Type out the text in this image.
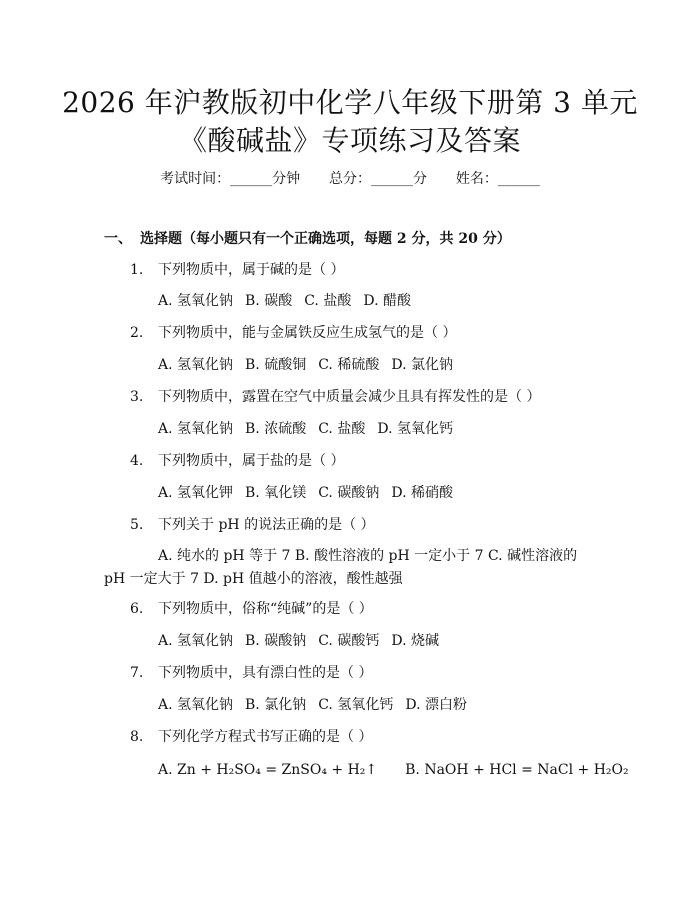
2026 年沪教版初中化学八年级下册第 3 单元
《酸碱盐》专项练习及答案
考试时间：______分钟 总分：______分 姓名：______
一、 选择题（每小题只有一个正确选项，每题 2 分，共 20 分）
1. 下列物质中，属于碱的是（ ）
A. 氢氧化钠 B. 碳酸 C. 盐酸 D. 醋酸
2. 下列物质中，能与金属铁反应生成氢气的是（ ）
A. 氢氧化钠 B. 硫酸铜 C. 稀硫酸 D. 氯化钠
3. 下列物质中，露置在空气中质量会减少且具有挥发性的是（ ）
A. 氢氧化钠 B. 浓硫酸 C. 盐酸 D. 氢氧化钙
4. 下列物质中，属于盐的是（ ）
A. 氢氧化钾 B. 氧化镁 C. 碳酸钠 D. 稀硝酸
5. 下列关于 pH 的说法正确的是（ ）
A. 纯水的 pH 等于 7 B. 酸性溶液的 pH 一定小于 7 C. 碱性溶液的
pH 一定大于 7 D. pH 值越小的溶液，酸性越强
6. 下列物质中，俗称“纯碱”的是（ ）
A. 氢氧化钠 B. 碳酸钠 C. 碳酸钙 D. 烧碱
7. 下列物质中，具有漂白性的是（ ）
A. 氢氧化钠 B. 氯化钠 C. 氢氧化钙 D. 漂白粉
8. 下列化学方程式书写正确的是（ ）
A. Zn + H₂SO₄ = ZnSO₄ + H₂↑ B. NaOH + HCl = NaCl + H₂O₂
